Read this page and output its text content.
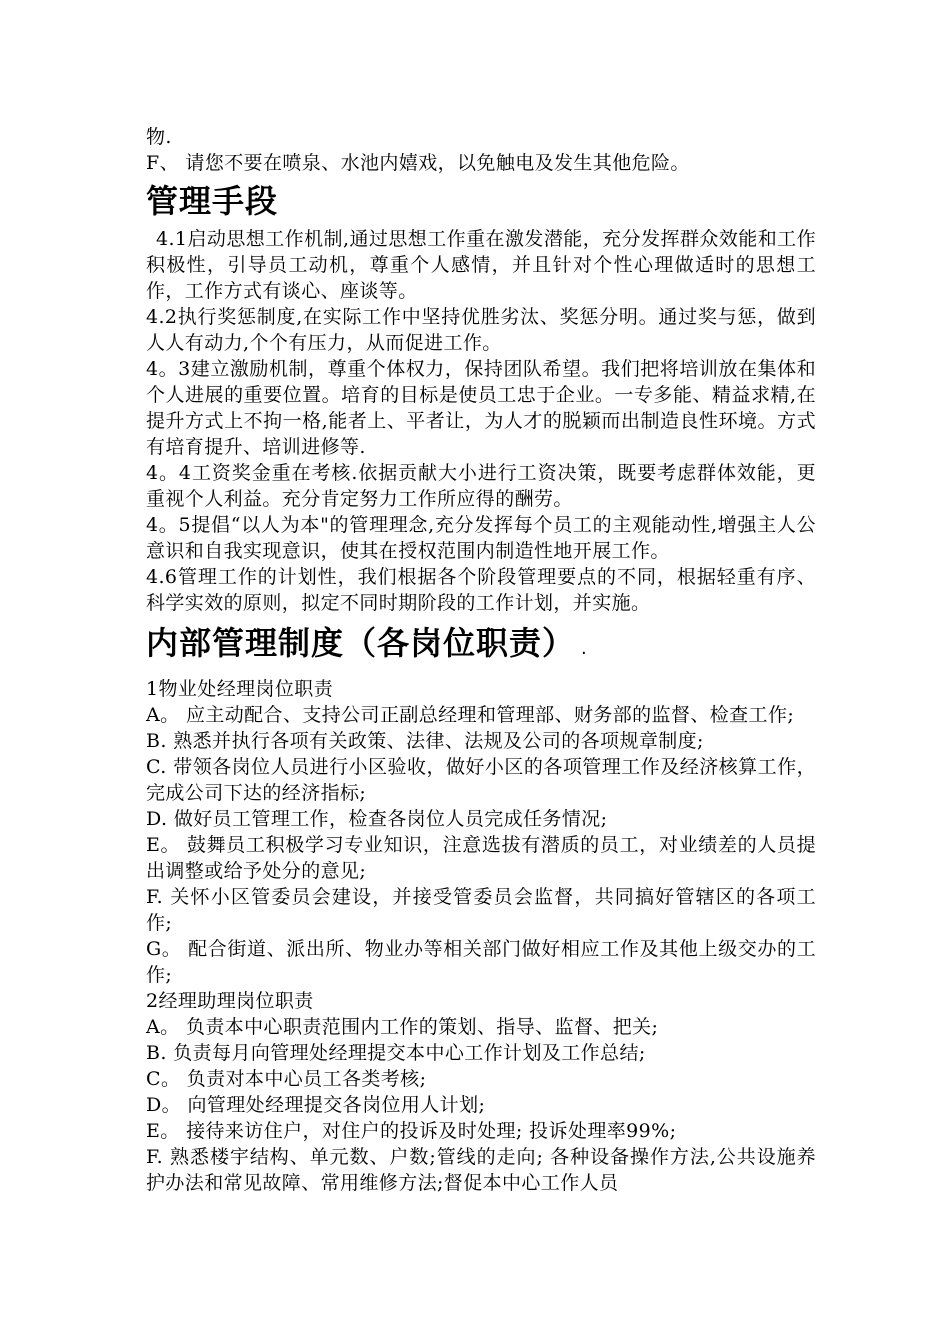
物.

F、 请您不要在喷泉、水池内嬉戏，以免触电及发生其他危险。

管理手段

4.1启动思想工作机制,通过思想工作重在激发潜能，充分发挥群众效能和工作积极性，引导员工动机，尊重个人感情，并且针对个性心理做适时的思想工作，工作方式有谈心、座谈等。

4.2执行奖惩制度,在实际工作中坚持优胜劣汰、奖惩分明。通过奖与惩，做到人人有动力,个个有压力，从而促进工作。

4。3建立激励机制，尊重个体权力，保持团队希望。我们把将培训放在集体和个人进展的重要位置。培育的目标是使员工忠于企业。一专多能、精益求精,在提升方式上不拘一格,能者上、平者让，为人才的脱颖而出制造良性环境。方式有培育提升、培训进修等.

4。4工资奖金重在考核.依据贡献大小进行工资决策，既要考虑群体效能，更重视个人利益。充分肯定努力工作所应得的酬劳。

4。5提倡“以人为本"的管理理念,充分发挥每个员工的主观能动性,增强主人公意识和自我实现意识，使其在授权范围内制造性地开展工作。

4.6管理工作的计划性，我们根据各个阶段管理要点的不同，根据轻重有序、科学实效的原则，拟定不同时期阶段的工作计划，并实施。

内部管理制度（各岗位职责） .

1物业处经理岗位职责

A。 应主动配合、支持公司正副总经理和管理部、财务部的监督、检查工作;

B. 熟悉并执行各项有关政策、法律、法规及公司的各项规章制度;

C. 带领各岗位人员进行小区验收，做好小区的各项管理工作及经济核算工作，完成公司下达的经济指标;

D. 做好员工管理工作，检查各岗位人员完成任务情况;

E。 鼓舞员工积极学习专业知识，注意选拔有潜质的员工，对业绩差的人员提出调整或给予处分的意见;

F. 关怀小区管委员会建设，并接受管委员会监督，共同搞好管辖区的各项工作;

G。 配合街道、派出所、物业办等相关部门做好相应工作及其他上级交办的工作;

2经理助理岗位职责

A。 负责本中心职责范围内工作的策划、指导、监督、把关;

B. 负责每月向管理处经理提交本中心工作计划及工作总结;

C。 负责对本中心员工各类考核;

D。 向管理处经理提交各岗位用人计划;

E。 接待来访住户，对住户的投诉及时处理; 投诉处理率99%;

F. 熟悉楼宇结构、单元数、户数;管线的走向; 各种设备操作方法,公共设施养护办法和常见故障、常用维修方法;督促本中心工作人员
